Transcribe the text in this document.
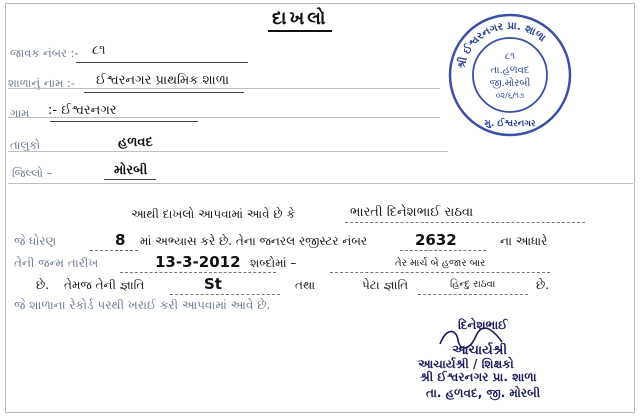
દાખલો
જાવક નંબર :- ૮૧
શાળાનું નામ :- ઈશ્વરનગર પ્રાથમિક શાળા
ગામ :- ઈશ્વરનગર
તાલુકો	હળવદ
જિલ્લો –	મોરબી
શ્રી ઈશ્વરનગર પ્રા. શાળા
૮૧
તા.હળવદ
જી.મોરબી
૦૨/૬/૧૭
મુ. ઈશ્વરનગર
આથી દાખલો આપવામાં આવે છે કે	ભારતી દિનેશભાઈ રાઠવા
જે ધોરણ	8 માં અભ્યાસ કરે છે. તેના જનરલ રજીસ્ટર નંબર	2632	ના આધારે
તેની જન્મ તારીખ	13-3-2012 શબ્દોમાં –	તેર માર્ચ બે હજાર બાર
છે. તેમજ તેની જ્ઞાતિ	St	તથા	પેટા જ્ઞાતિ	હિન્દુ રાઠવા	છે.
જે શાળાના રેકોર્ડ પરથી ખરાઈ કરી આપવામાં આવે છે.
દિનેશભાઈ
આચાર્યશ્રી
આચાર્યશ્રી / શિક્ષકો
શ્રી ઈશ્વરનગર પ્રા. શાળા
તા. હળવદ, જી. મોરબી
